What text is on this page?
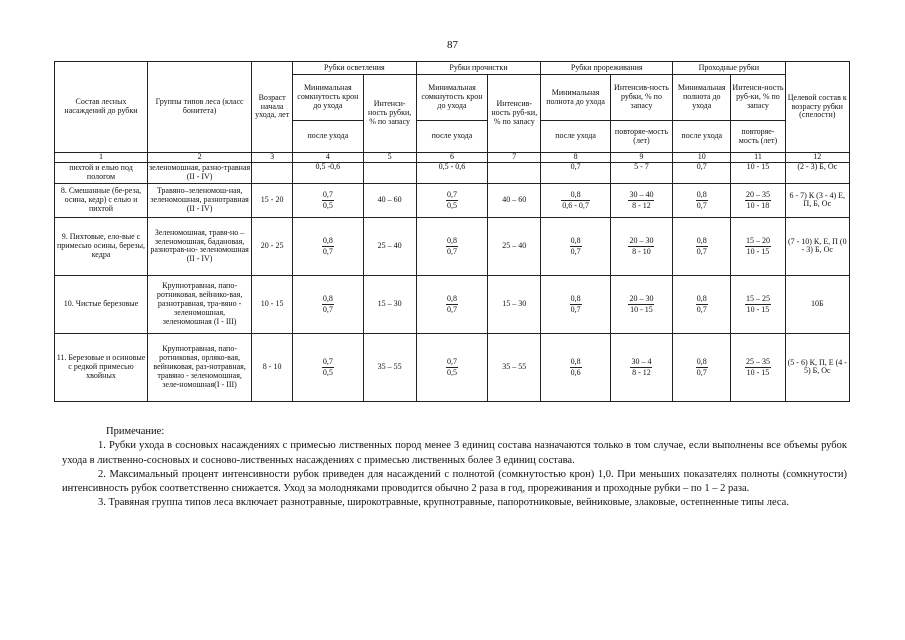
87
Состав лесных насаждений до рубки	Группы типов леса (класс бонитета)	Возраст начала ухода, лет	Рубки осветления		Рубки прочистки		Рубки прореживания		Проходные рубки		Целевой состав к возрасту рубки (спелости)
			Минимальная сомкнутость крон до ухода	Интенси-ность рубки, % по запасу	Минимальная сомкнутость крон до ухода	Интенсив-ность руб-ки, % по запасу	Минимальная полнота до ухода	Интенсив-ность рубки, % по запасу	Минимальная полнота до ухода	Интенси-ность руб-ки, % по запасу	
			после ухода		после ухода		после ухода	повторяе-мость (лет)	после ухода	повторяе-мость (лет)	
1	2	3	4	5	6	7	8	9	10	11	12
пихтой и елью под пологом	зеленомошная, разно-травная (II - IV)		0,5 -0,6		0,5 - 0,6		0,7	5 - 7	0,7	10 - 15	(2 - 3) Б, Ос
8. Смешанные (бе-реза, осина, кедр) с елью и пихтой	Травяно–зеленомош-ная, зеленомошная, разнотравная (II - IV)	15 - 20	$\frac{0,7}{0,5}$	40 – 60	$\frac{0,7}{0,5}$	40 – 60	$\frac{0,8}{0,6 - 0,7}$	$\frac{30 - 40}{8 - 12}$	$\frac{0,8}{0,7}$	$\frac{20 - 35}{10 - 18}$	6 - 7) К (3 - 4) Е, П, Б, Ос
9. Пихтовые, ело-вые с примесью осины, березы, кедра	Зеленомошная, травя-но – зеленомошная, бадановая, разнотрав-но- зеленомошная (II - IV)	20 - 25	$\frac{0,8}{0,7}$	25 – 40	$\frac{0,8}{0,7}$	25 – 40	$\frac{0,8}{0,7}$	$\frac{20 - 30}{8 - 10}$	$\frac{0,8}{0,7}$	$\frac{15 - 20}{10 - 15}$	(7 - 10) К, Е, П (0 - 3) Б, Ос
10. Чистые березовые	Крупнотравная, папо-ротниковая, вейнико-вая, разнотравная, тра-вяно - зеленомошная, зеленомошная (I - III)	10 - 15	$\frac{0,8}{0,7}$	15 – 30	$\frac{0,8}{0,7}$	15 – 30	$\frac{0,8}{0,7}$	$\frac{20 - 30}{10 - 15}$	$\frac{0,8}{0,7}$	$\frac{15 - 25}{10 - 15}$	10Б
11. Березовые и осиновые с редкой примесью хвойных	Крупнотравная, папо-ротниковая, орляко-вая, вейниковая, раз-нотравная, травяно - зеленомошная, зеле-номошная(I - III)	8 - 10	$\frac{0,7}{0,5}$	35 – 55	$\frac{0,7}{0,5}$	35 – 55	$\frac{0,8}{0,6}$	$\frac{30 - 4}{8 - 12}$	$\frac{0,8}{0,7}$	$\frac{25 - 35}{10 - 15}$	(5 - 6) К, П, Е (4 - 5) Б, Ос

Примечание:

1. Рубки ухода в сосновых насаждениях с примесью лиственных пород менее 3 единиц состава назначаются только в том случае, если выполнены все объемы рубок ухода в лиственно-сосновых и сосново-лиственных насаждениях с примесью лиственных более 3 единиц состава.

2. Максимальный процент интенсивности рубок приведен для насаждений с полнотой (сомкнутостью крон) 1,0. При меньших показателях полноты (сомкнутости) интенсивность рубок соответственно снижается. Уход за молодняками проводится обычно 2 раза в год, прореживания и проходные рубки – по 1 – 2 раза.

3. Травяная группа типов леса включает разнотравные, широкотравные, крупнотравные, папоротниковые, вейниковые, злаковые, остепненные типы леса.
